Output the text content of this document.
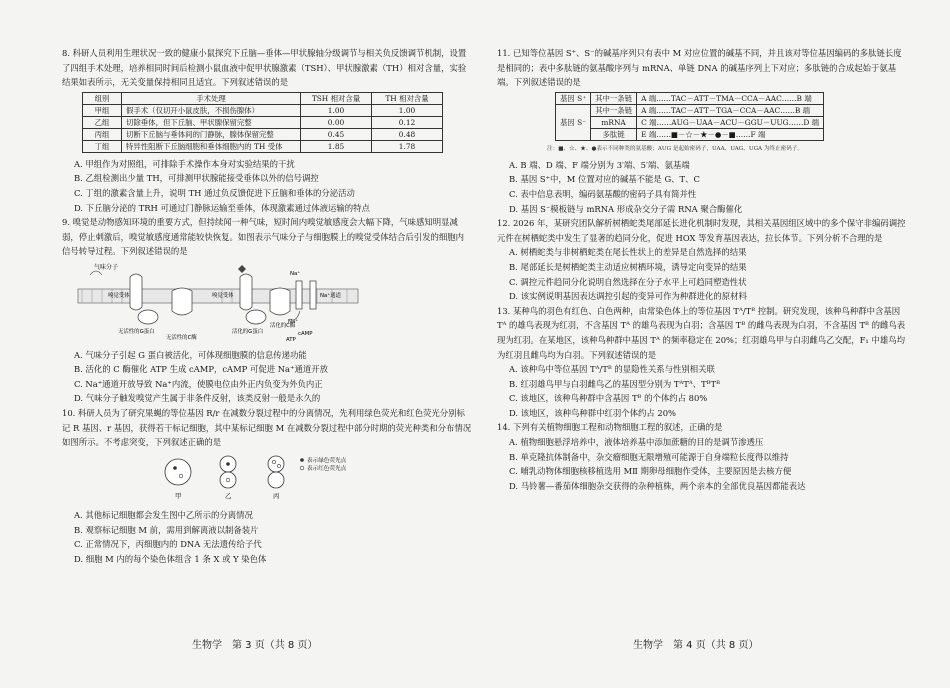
8. 科研人员利用生理状况一致的健康小鼠探究下丘脑—垂体—甲状腺轴分级调节与相关负反馈调节机制，设置了四组手术处理，培养相同时间后检测小鼠血液中促甲状腺激素（TSH）、甲状腺激素（TH）相对含量，实验结果如表所示，无关变量保持相同且适宜。下列叙述错误的是

组别	手术处理	TSH 相对含量	TH 相对含量
甲组	假手术（仅切开小鼠皮肤，不损伤腺体）	1.00	1.00
乙组	切除垂体，但下丘脑、甲状腺保留完整	0.00	0.12
丙组	切断下丘脑与垂体间的门静脉，腺体保留完整	0.45	0.48
丁组	特异性阻断下丘脑细胞和垂体细胞内的 TH 受体	1.85	1.78

A. 甲组作为对照组，可排除手术操作本身对实验结果的干扰

B. 乙组检测出少量 TH，可排测甲状腺能接受垂体以外的信号调控

C. 丁组的激素含量上升，说明 TH 通过负反馈促进下丘脑和垂体的分泌活动

D. 下丘脑分泌的 TRH 可通过门静脉运输至垂体，体现激素通过体液运输的特点

9. 嗅觉是动物感知环境的重要方式，但持续闻一种气味，短时间内嗅觉敏感度会大幅下降，气味感知明显减弱，停止刺激后，嗅觉敏感度通常能较快恢复。如图表示气味分子与细胞膜上的嗅觉受体结合后引发的细胞内信号转导过程。下列叙述错误的是

气味分子
嗅觉受体	嗅觉受体
无活性的G蛋白
无活性的C酶
活化的G蛋白
活化的C酶
Na⁺
Na⁺
Na⁺通道
cAMP
ATP

A. 气味分子引起 G 蛋白被活化，可体现细胞膜的信息传递功能

B. 活化的 C 酶催化 ATP 生成 cAMP，cAMP 可促进 Na⁺通道开放

C. Na⁺通道开放导致 Na⁺内流，使膜电位由外正内负变为外负内正

D. 气味分子触发嗅觉产生属于非条件反射，该类反射一般是永久的

10. 科研人员为了研究果蝇的等位基因 R/r 在减数分裂过程中的分离情况，先利用绿色荧光和红色荧光分别标记 R 基因、r 基因，获得若干标记细胞，其中某标记细胞 M 在减数分裂过程中部分时期的荧光种类和分布情况如图所示。不考虑突变，下列叙述正确的是

表示绿色荧光点
表示红色荧光点
甲	乙	丙

A. 其他标记细胞都会发生图中乙所示的分离情况

B. 观察标记细胞 M 前，需用到解离液以制备装片

C. 正常情况下，丙细胞内的 DNA 无法遗传给子代

D. 细胞 M 内的每个染色体组含 1 条 X 或 Y 染色体

11. 已知等位基因 S⁺、S⁻的碱基序列只有表中 M 对应位置的碱基不同，并且该对等位基因编码的多肽链长度是相同的；表中多肽链的氨基酸序列与 mRNA、单链 DNA 的碱基序列上下对应；多肽链的合成起始于氨基端。下列叙述错误的是

基因 S⁺	其中一条链	A 端……TAC－ATT－TMA－CCA－AAC……B 端
基因 S⁻	其中一条链	A 端……TAC－ATT－TGA－CCA－AAC……B 端
	mRNA	C 端……AUG－UAA－ACU－GGU－UUG……D 端
	多肽链	E 端……■－☆－★－●－■……F 端

注：■、☆、★、●表示不同种类的氨基酸；AUG 是起始密码子，UAA、UAG、UGA 为终止密码子。

A. B 端、D 端、F 端分别为 3′端、5′端、氨基端

B. 基因 S⁺中，M 位置对应的碱基不能是 G、T、C

C. 表中信息表明，编码氨基酸的密码子具有简并性

D. 基因 S⁻模板链与 mRNA 形成杂交分子需 RNA 聚合酶催化

12. 2026 年，某研究团队解析树栖蛇类尾部延长进化机制时发现，其相关基因组区域中的多个保守非编码调控元件在树栖蛇类中发生了显著的趋同分化，促进 HOX 等发育基因表达，拉长体节。下列分析不合理的是

A. 树栖蛇类与非树栖蛇类在尾长性状上的差异是自然选择的结果

B. 尾部延长是树栖蛇类主动适应树栖环境，诱导定向变异的结果

C. 调控元件趋同分化说明自然选择在分子水平上可趋同塑造性状

D. 该实例说明基因表达调控引起的变异可作为种群进化的原材料

13. 某种鸟的羽色有红色、白色两种，由常染色体上的等位基因 Tᴬ/Tᴮ 控制。研究发现，该种鸟种群中含基因 Tᴬ 的雄鸟表现为红羽，不含基因 Tᴬ 的雄鸟表现为白羽；含基因 Tᴮ 的雌鸟表现为白羽，不含基因 Tᴮ 的雌鸟表现为红羽。在某地区，该种鸟种群中基因 Tᴬ 的频率稳定在 20%；红羽雄鸟甲与白羽雌鸟乙交配，F₁ 中雄鸟均为红羽且雌鸟均为白羽。下列叙述错误的是

A. 该种鸟中等位基因 Tᴬ/Tᴮ 的显隐性关系与性别相关联

B. 红羽雄鸟甲与白羽雌鸟乙的基因型分别为 TᴬTᴬ、TᴮTᴮ

C. 该地区，该种鸟种群中含基因 Tᴮ 的个体约占 80%

D. 该地区，该种鸟种群中红羽个体约占 20%

14. 下列有关植物细胞工程和动物细胞工程的叙述，正确的是

A. 植物细胞悬浮培养中，液体培养基中添加蔗糖的目的是调节渗透压

B. 单克隆抗体制备中，杂交瘤细胞无限增殖可能源于自身端粒长度得以维持

C. 哺乳动物体细胞核移植选用 MⅡ 期卵母细胞作受体，主要原因是去核方便

D. 马铃薯—番茄体细胞杂交获得的杂种植株，两个亲本的全部优良基因都能表达

生物学　第 3 页（共 8 页）	生物学　第 4 页（共 8 页）
